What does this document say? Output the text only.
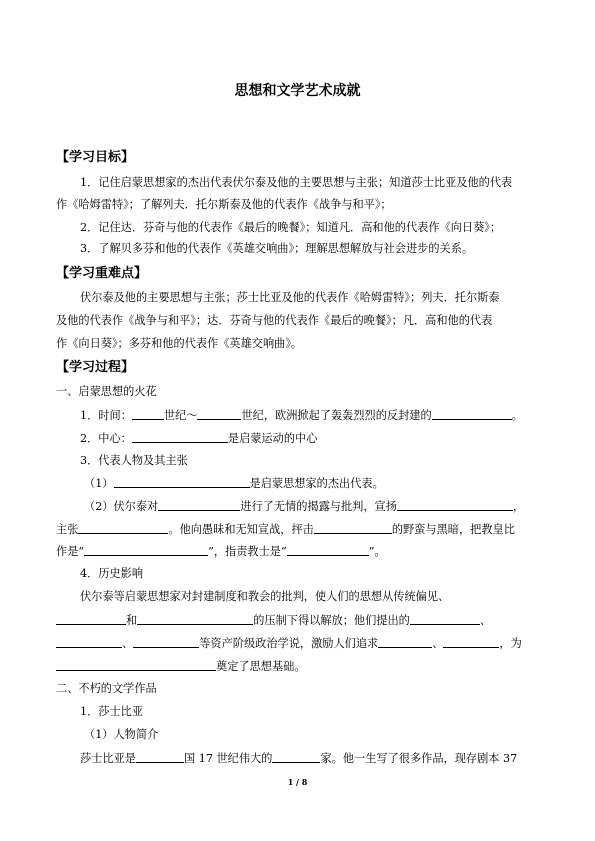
思想和文学艺术成就
【学习目标】
1．记住启蒙思想家的杰出代表伏尔泰及他的主要思想与主张；知道莎士比亚及他的代表
作《哈姆雷特》；了解列夫．托尔斯泰及他的代表作《战争与和平》；
2．记住达．芬奇与他的代表作《最后的晚餐》；知道凡．高和他的代表作《向日葵》；
3．了解贝多芬和他的代表作《英雄交响曲》；理解思想解放与社会进步的关系。
【学习重难点】
伏尔泰及他的主要思想与主张；莎士比亚及他的代表作《哈姆雷特》；列夫．托尔斯泰
及他的代表作《战争与和平》；达．芬奇与他的代表作《最后的晚餐》；凡．高和他的代表
作《向日葵》；多芬和他的代表作《英雄交响曲》。
【学习过程】
一、启蒙思想的火花
1．时间：	世纪～	世纪，欧洲掀起了轰轰烈烈的反封建的	。
2．中心：	是启蒙运动的中心
3．代表人物及其主张
（1）	是启蒙思想家的杰出代表。
（2）伏尔泰对	进行了无情的揭露与批判，宣扬	，
主张	。他向愚昧和无知宣战，抨击	的野蛮与黑暗，把教皇比
作是“	”，指责教士是“	”。
4．历史影响
伏尔泰等启蒙思想家对封建制度和教会的批判，使人们的思想从传统偏见、
和	的压制下得以解放；他们提出的	、
、	等资产阶级政治学说，激励人们追求	、	，为
奠定了思想基础。
二、不朽的文学作品
1．莎士比亚
（1）人物简介
莎士比亚是	国 17 世纪伟大的	家。他一生写了很多作品，现存剧本 37
1 / 8
